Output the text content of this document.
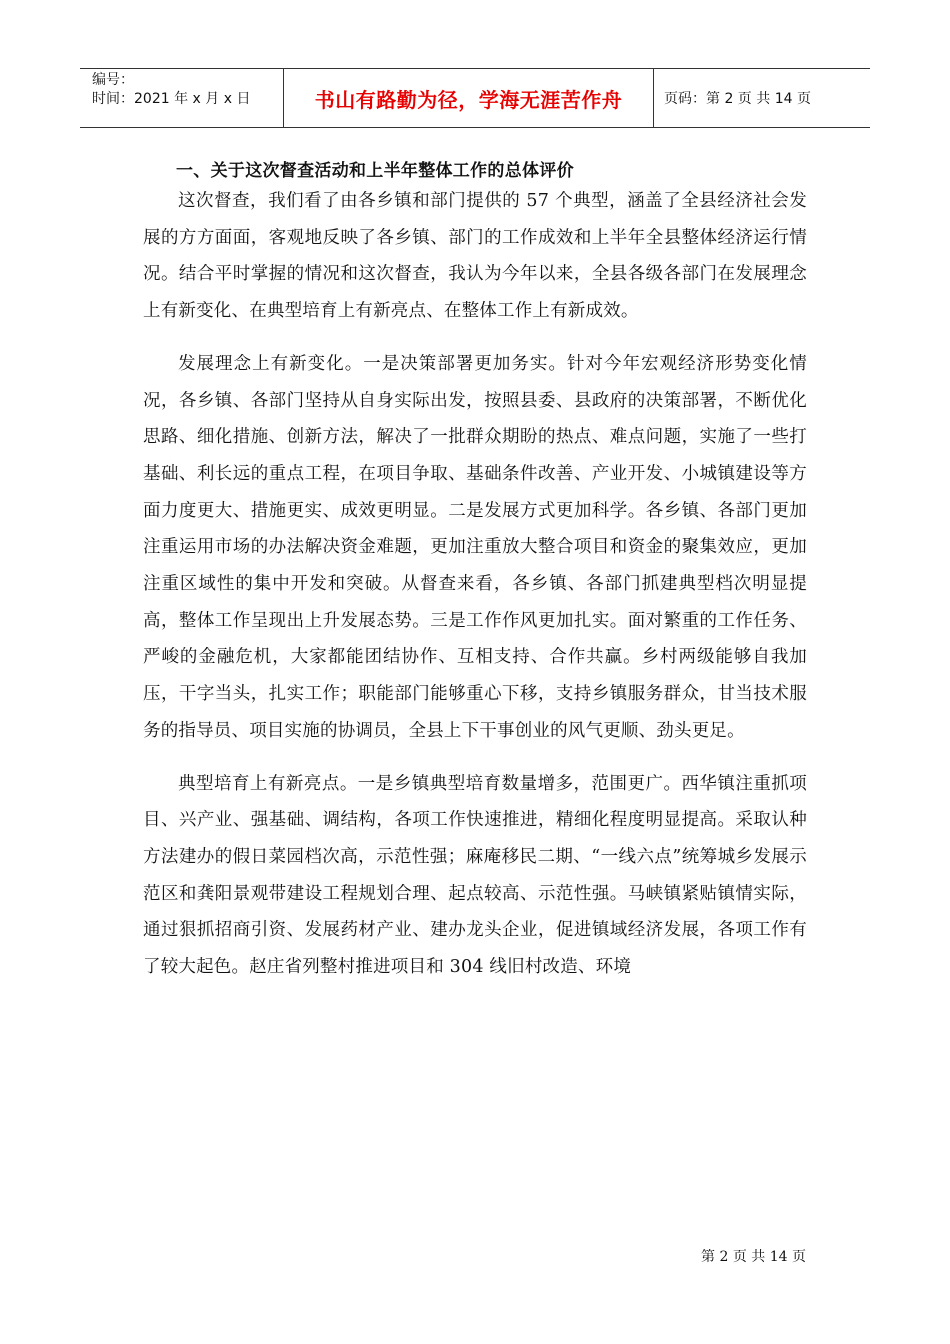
编号：
时间：2021 年 x 月 x 日	书山有路勤为径，学海无涯苦作舟	页码：第 2 页 共 14 页
一、关于这次督查活动和上半年整体工作的总体评价

这次督查，我们看了由各乡镇和部门提供的 57 个典型，涵盖了全县经济社会发展的方方面面，客观地反映了各乡镇、部门的工作成效和上半年全县整体经济运行情况。结合平时掌握的情况和这次督查，我认为今年以来，全县各级各部门在发展理念上有新变化、在典型培育上有新亮点、在整体工作上有新成效。

发展理念上有新变化。一是决策部署更加务实。针对今年宏观经济形势变化情况，各乡镇、各部门坚持从自身实际出发，按照县委、县政府的决策部署，不断优化思路、细化措施、创新方法，解决了一批群众期盼的热点、难点问题，实施了一些打基础、利长远的重点工程，在项目争取、基础条件改善、产业开发、小城镇建设等方面力度更大、措施更实、成效更明显。二是发展方式更加科学。各乡镇、各部门更加注重运用市场的办法解决资金难题，更加注重放大整合项目和资金的聚集效应，更加注重区域性的集中开发和突破。从督查来看，各乡镇、各部门抓建典型档次明显提高，整体工作呈现出上升发展态势。三是工作作风更加扎实。面对繁重的工作任务、严峻的金融危机，大家都能团结协作、互相支持、合作共赢。乡村两级能够自我加压，干字当头，扎实工作；职能部门能够重心下移，支持乡镇服务群众，甘当技术服务的指导员、项目实施的协调员，全县上下干事创业的风气更顺、劲头更足。

典型培育上有新亮点。一是乡镇典型培育数量增多，范围更广。西华镇注重抓项目、兴产业、强基础、调结构，各项工作快速推进，精细化程度明显提高。采取认种方法建办的假日菜园档次高，示范性强；麻庵移民二期、“一线六点”统筹城乡发展示范区和龚阳景观带建设工程规划合理、起点较高、示范性强。马峡镇紧贴镇情实际，通过狠抓招商引资、发展药材产业、建办龙头企业，促进镇域经济发展，各项工作有了较大起色。赵庄省列整村推进项目和 304 线旧村改造、环境

第 2 页 共 14 页
